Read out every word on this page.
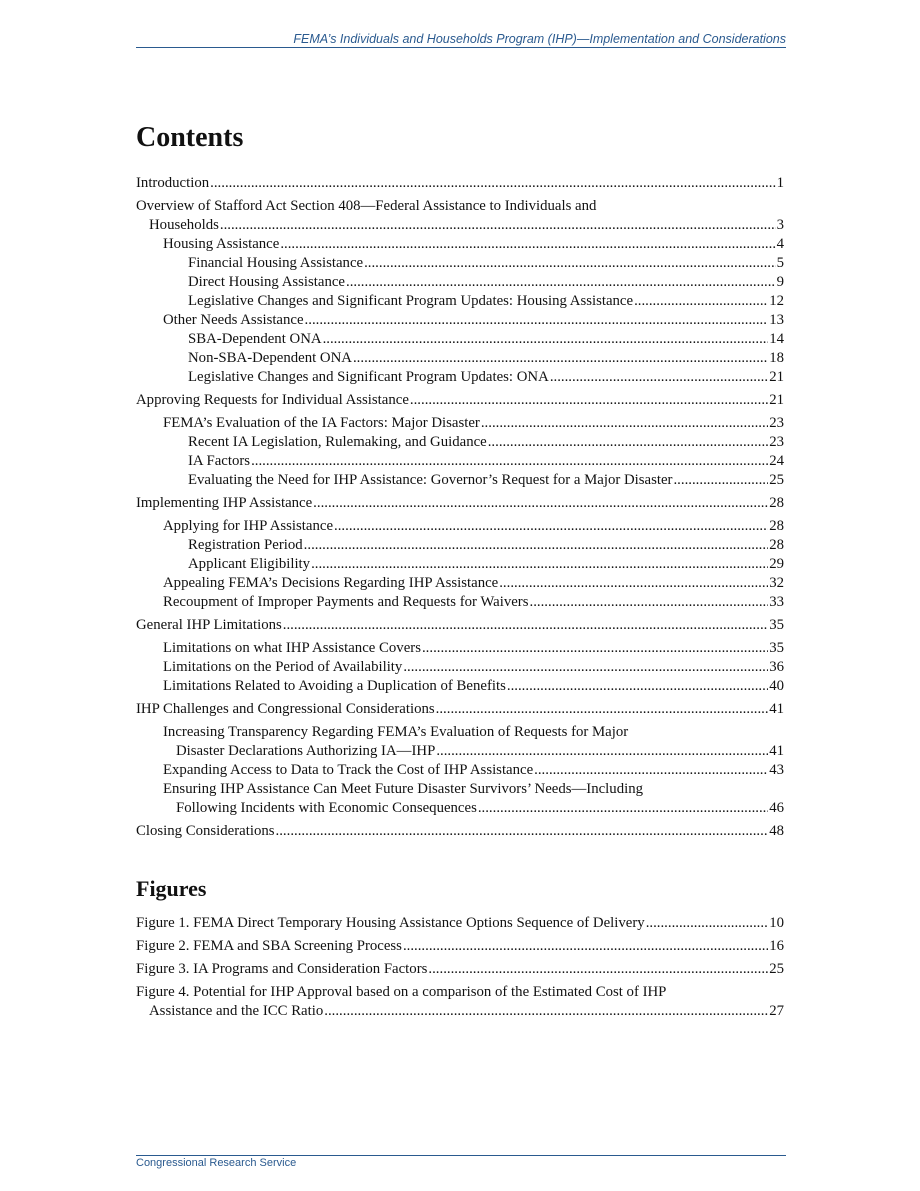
FEMA’s Individuals and Households Program (IHP)—Implementation and Considerations
Contents
Introduction .....	1
Overview of Stafford Act Section 408—Federal Assistance to Individuals and
Households .....	3
Housing Assistance .....	4
Financial Housing Assistance .....	5
Direct Housing Assistance .....	9
Legislative Changes and Significant Program Updates: Housing Assistance .....	12
Other Needs Assistance .....	13
SBA-Dependent ONA .....	14
Non-SBA-Dependent ONA .....	18
Legislative Changes and Significant Program Updates: ONA .....	21
Approving Requests for Individual Assistance .....	21
FEMA’s Evaluation of the IA Factors: Major Disaster .....	23
Recent IA Legislation, Rulemaking, and Guidance .....	23
IA Factors .....	24
Evaluating the Need for IHP Assistance: Governor’s Request for a Major Disaster .....	25
Implementing IHP Assistance .....	28
Applying for IHP Assistance .....	28
Registration Period .....	28
Applicant Eligibility .....	29
Appealing FEMA’s Decisions Regarding IHP Assistance .....	32
Recoupment of Improper Payments and Requests for Waivers .....	33
General IHP Limitations .....	35
Limitations on what IHP Assistance Covers .....	35
Limitations on the Period of Availability .....	36
Limitations Related to Avoiding a Duplication of Benefits .....	40
IHP Challenges and Congressional Considerations .....	41
Increasing Transparency Regarding FEMA’s Evaluation of Requests for Major
Disaster Declarations Authorizing IA—IHP .....	41
Expanding Access to Data to Track the Cost of IHP Assistance .....	43
Ensuring IHP Assistance Can Meet Future Disaster Survivors’ Needs—Including
Following Incidents with Economic Consequences .....	46
Closing Considerations .....	48
Figures
Figure 1. FEMA Direct Temporary Housing Assistance Options Sequence of Delivery .....	10
Figure 2. FEMA and SBA Screening Process .....	16
Figure 3. IA Programs and Consideration Factors .....	25
Figure 4. Potential for IHP Approval based on a comparison of the Estimated Cost of IHP
Assistance and the ICC Ratio .....	27
Congressional Research Service
